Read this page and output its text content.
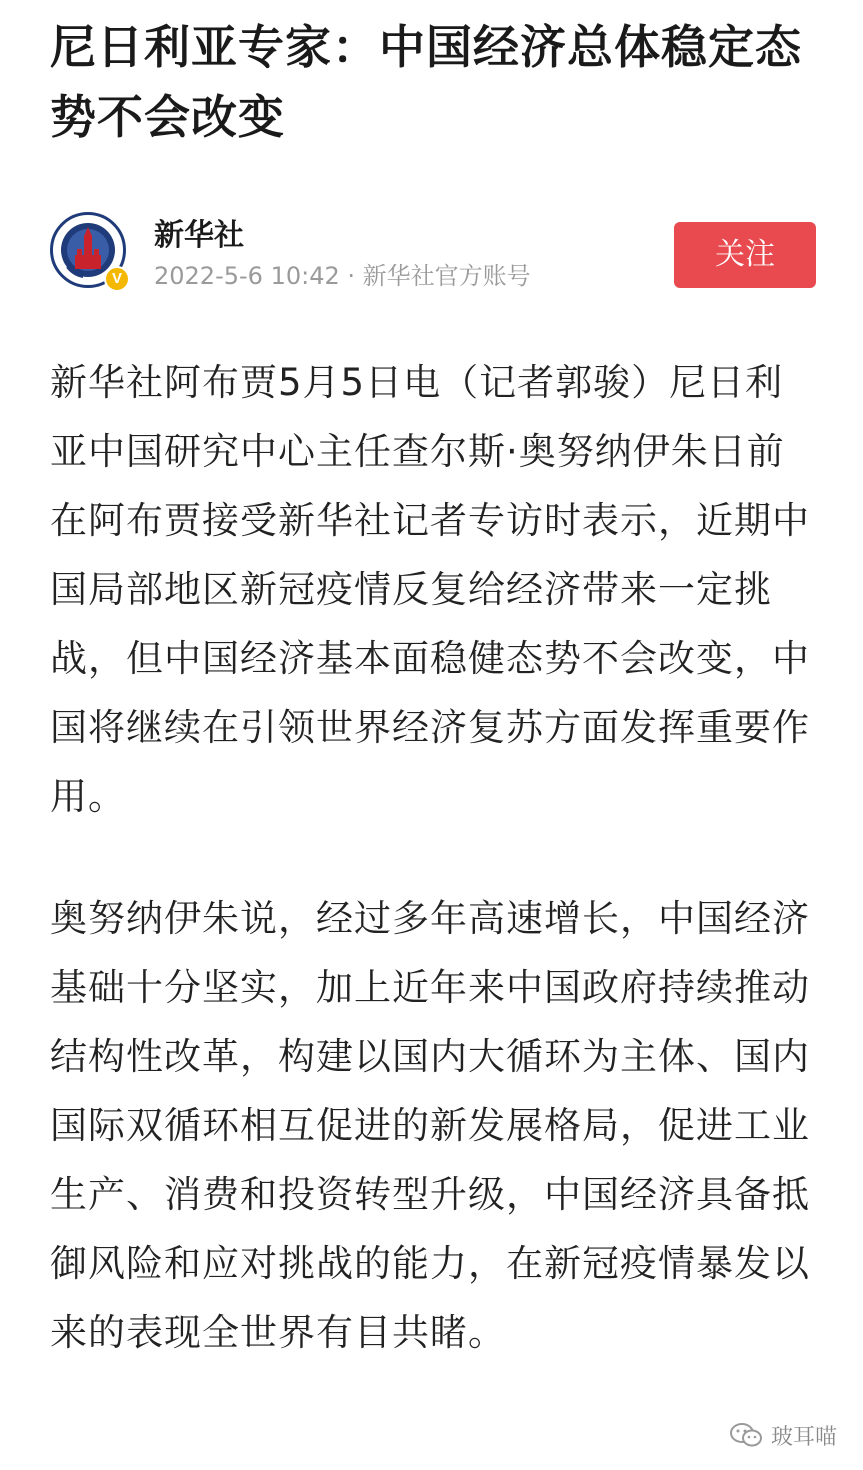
尼日利亚专家：中国经济总体稳定态势不会改变
V
新华社
2022-5-6 10:42 · 新华社官方账号
关注

新华社阿布贾5月5日电（记者郭骏）尼日利亚中国研究中心主任查尔斯·奥努纳伊朱日前在阿布贾接受新华社记者专访时表示，近期中国局部地区新冠疫情反复给经济带来一定挑战，但中国经济基本面稳健态势不会改变，中国将继续在引领世界经济复苏方面发挥重要作用。

奥努纳伊朱说，经过多年高速增长，中国经济基础十分坚实，加上近年来中国政府持续推动结构性改革，构建以国内大循环为主体、国内国际双循环相互促进的新发展格局，促进工业生产、消费和投资转型升级，中国经济具备抵御风险和应对挑战的能力，在新冠疫情暴发以来的表现全世界有目共睹。

玻耳喵
